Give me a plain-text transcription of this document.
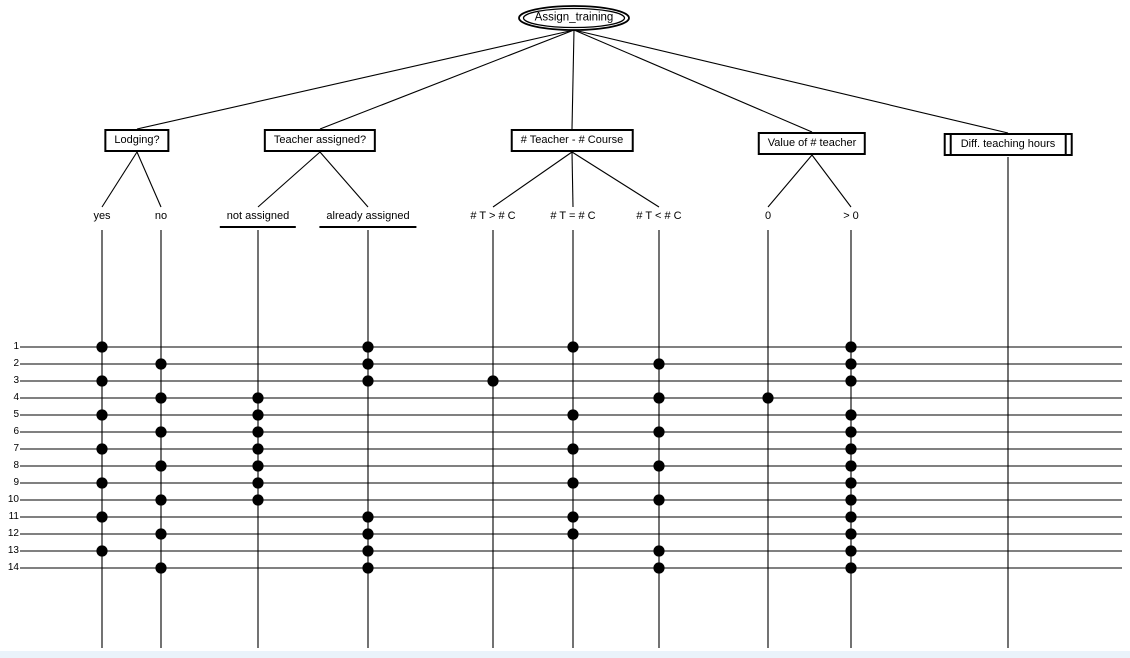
Assign_training
Lodging?	Teacher assigned?	# Teacher - # Course	Value of # teacher	Diff. teaching hours
yes	no	not assigned	already assigned	# T > # C	# T = # C	# T < # C	0	> 0
1
2
3
4
5
6
7
8
9
10
11
12
13
14
